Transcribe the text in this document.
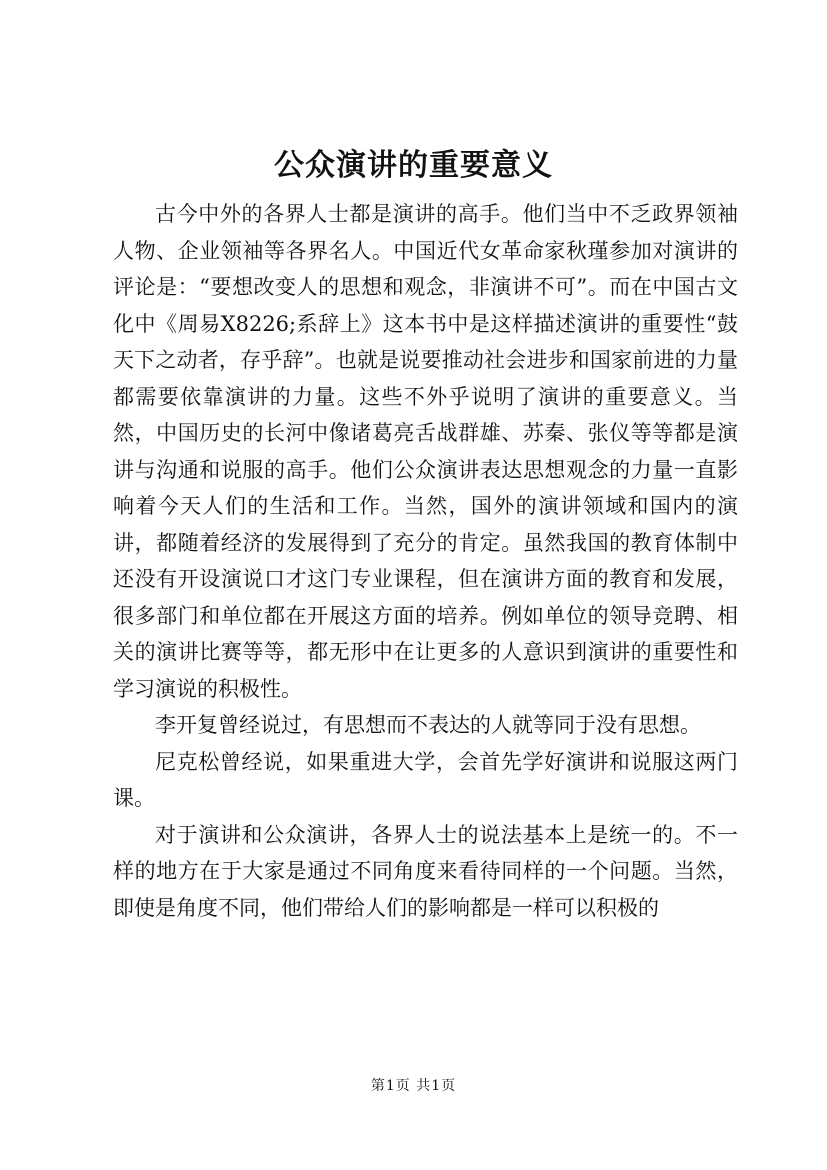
公众演讲的重要意义

古今中外的各界人士都是演讲的高手。他们当中不乏政界领袖人物、企业领袖等各界名人。中国近代女革命家秋瑾参加对演讲的评论是：“要想改变人的思想和观念，非演讲不可”。而在中国古文化中《周易X8226;系辞上》这本书中是这样描述演讲的重要性“鼓天下之动者，存乎辞”。也就是说要推动社会进步和国家前进的力量都需要依靠演讲的力量。这些不外乎说明了演讲的重要意义。当然，中国历史的长河中像诸葛亮舌战群雄、苏秦、张仪等等都是演讲与沟通和说服的高手。他们公众演讲表达思想观念的力量一直影响着今天人们的生活和工作。当然，国外的演讲领域和国内的演讲，都随着经济的发展得到了充分的肯定。虽然我国的教育体制中还没有开设演说口才这门专业课程，但在演讲方面的教育和发展，很多部门和单位都在开展这方面的培养。例如单位的领导竞聘、相关的演讲比赛等等，都无形中在让更多的人意识到演讲的重要性和学习演说的积极性。

李开复曾经说过，有思想而不表达的人就等同于没有思想。

尼克松曾经说，如果重进大学，会首先学好演讲和说服这两门课。

对于演讲和公众演讲，各界人士的说法基本上是统一的。不一样的地方在于大家是通过不同角度来看待同样的一个问题。当然，即使是角度不同，他们带给人们的影响都是一样可以积极的

第1页 共1页
